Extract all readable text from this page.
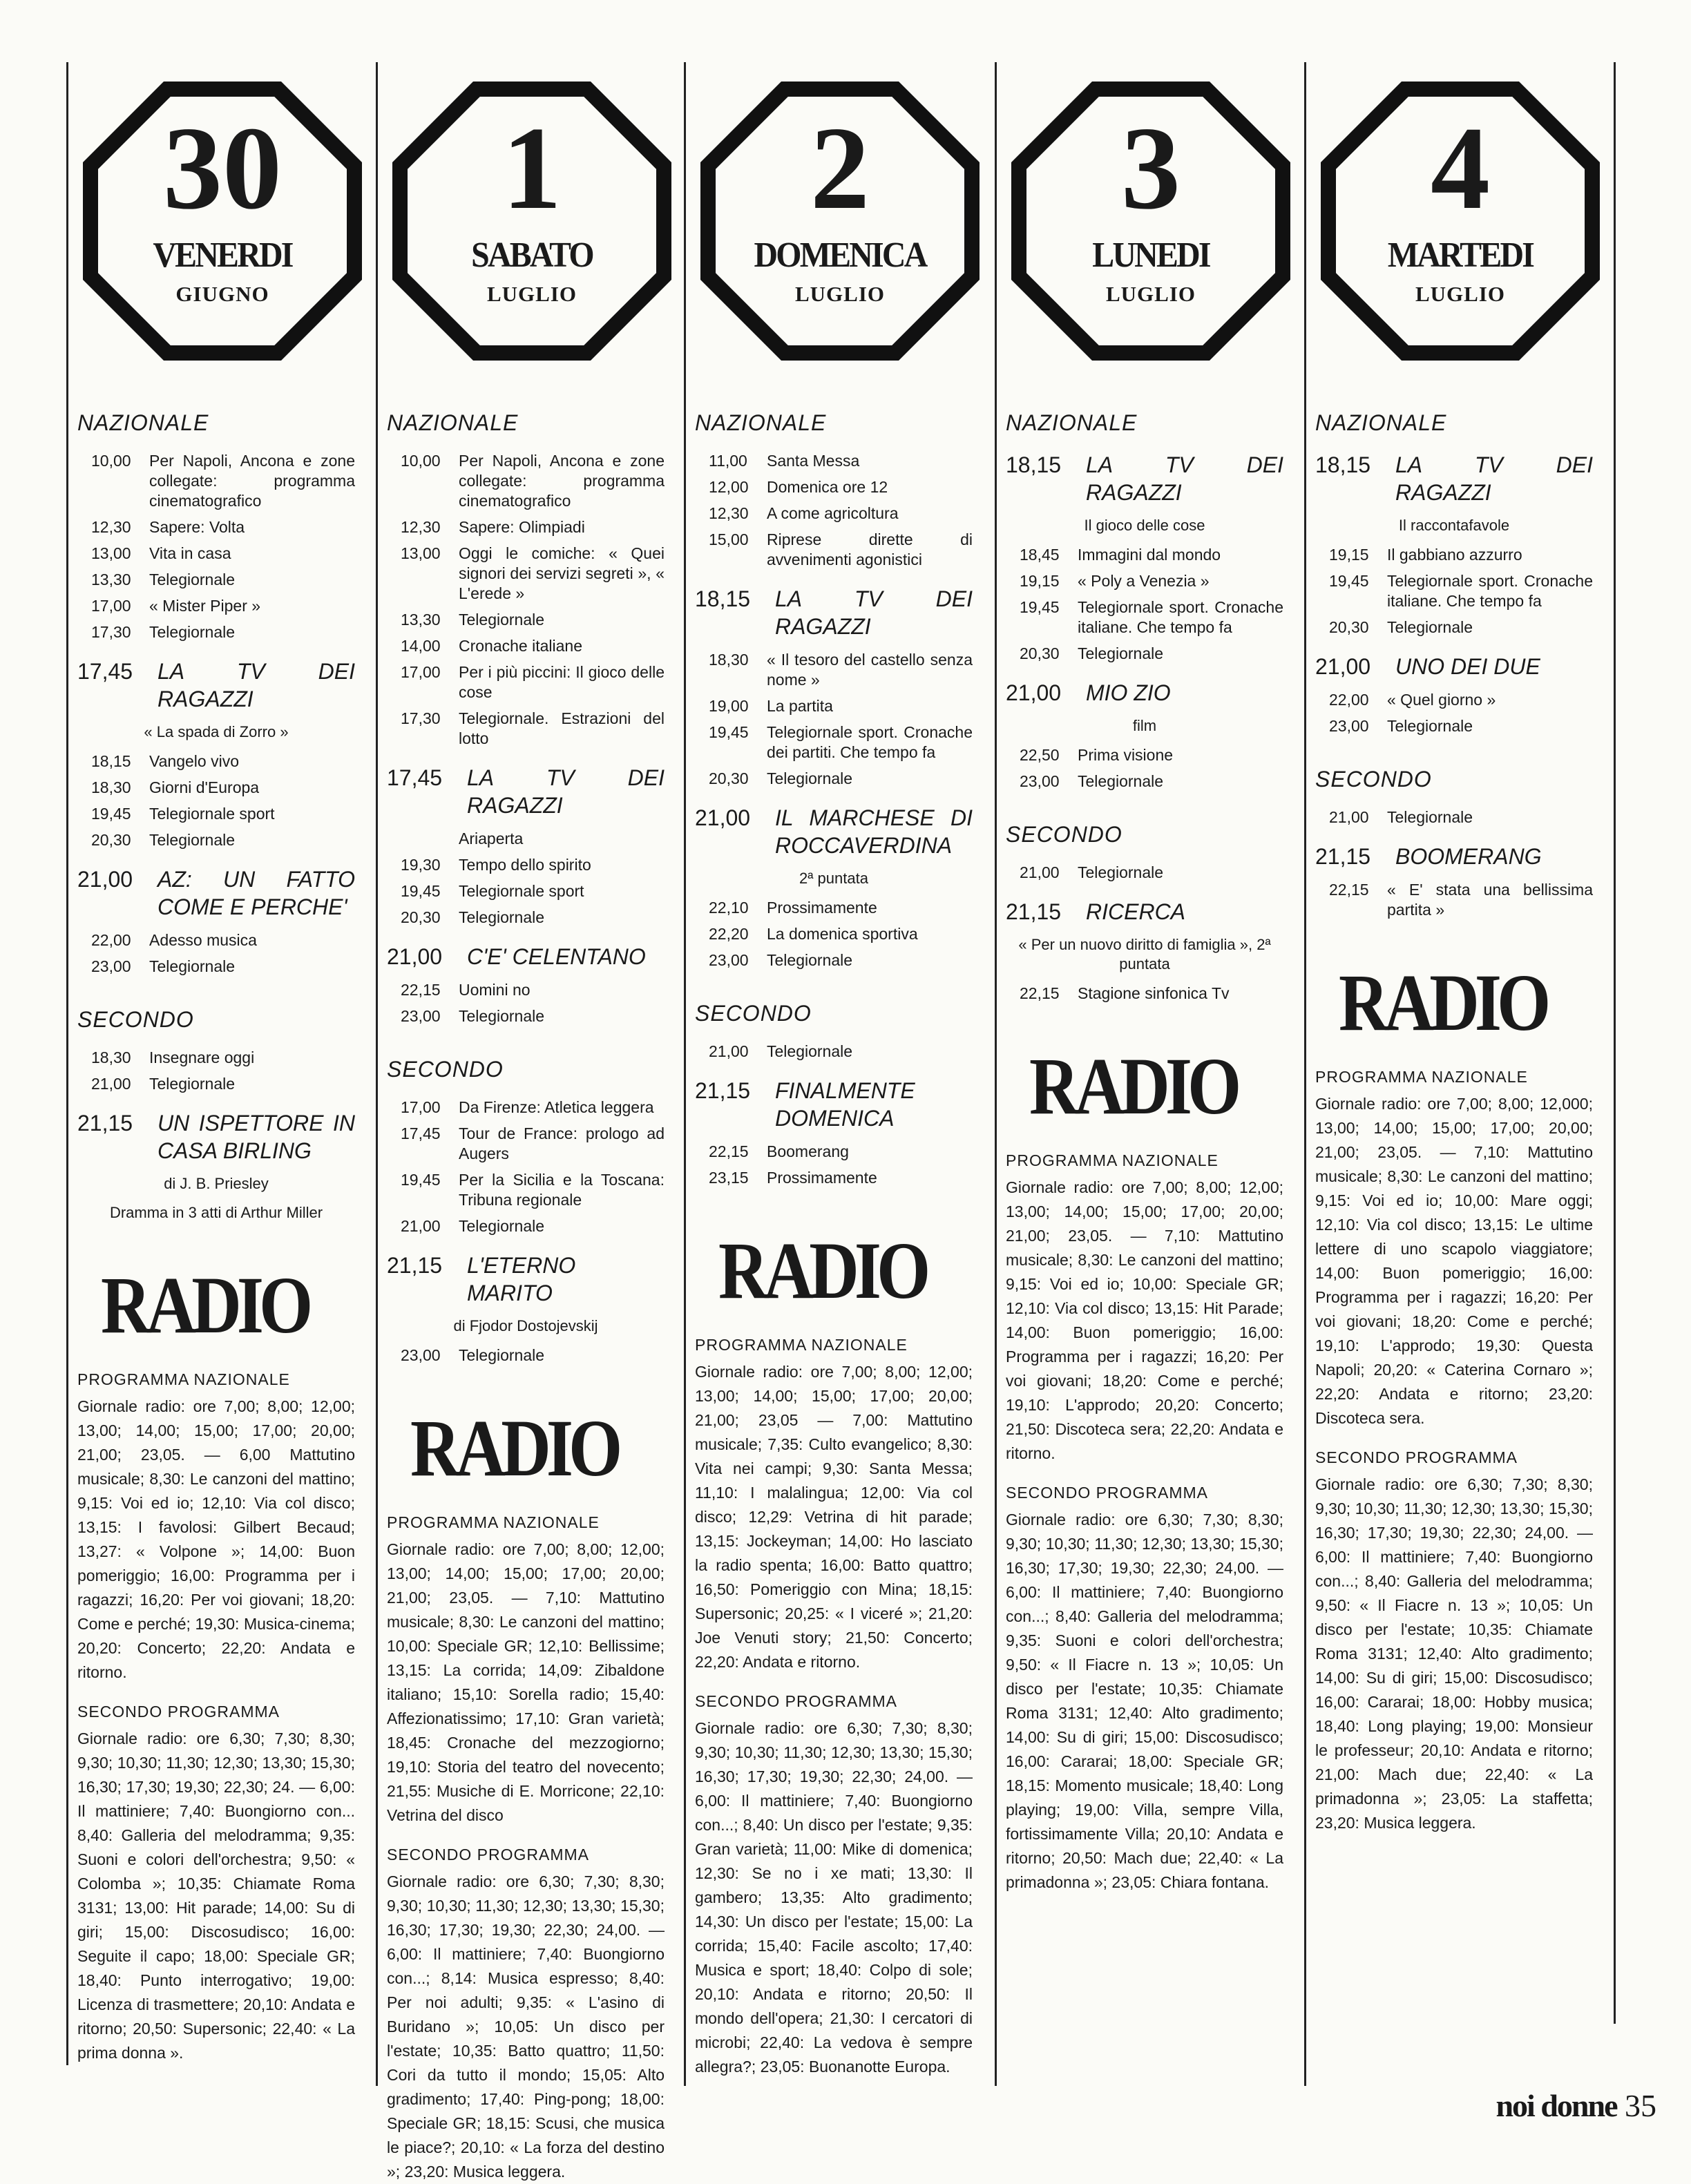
30
VENERDI
GIUGNO
NAZIONALE
10,00	Per Napoli, Ancona e zone collegate: programma cinematografico
12,30	Sapere: Volta
13,00	Vita in casa
13,30	Telegiornale
17,00	« Mister Piper »
17,30	Telegiornale
17,45	LA TV DEI RAGAZZI
« La spada di Zorro »
18,15	Vangelo vivo
18,30	Giorni d'Europa
19,45	Telegiornale sport
20,30	Telegiornale
21,00	AZ: UN FATTO COME E PERCHE'
22,00	Adesso musica
23,00	Telegiornale
SECONDO
18,30	Insegnare oggi
21,00	Telegiornale
21,15	UN ISPETTORE IN CASA BIRLING
di J. B. Priesley
Dramma in 3 atti di Arthur Miller
RADIO
PROGRAMMA NAZIONALE
Giornale radio: ore 7,00; 8,00; 12,00; 13,00; 14,00; 15,00; 17,00; 20,00; 21,00; 23,05. — 6,00 Mattutino musicale; 8,30: Le canzoni del mattino; 9,15: Voi ed io; 12,10: Via col disco; 13,15: I favolosi: Gilbert Becaud; 13,27: « Volpone »; 14,00: Buon pomeriggio; 16,00: Programma per i ragazzi; 16,20: Per voi giovani; 18,20: Come e perché; 19,30: Musica-cinema; 20,20: Concerto; 22,20: Andata e ritorno.
SECONDO PROGRAMMA
Giornale radio: ore 6,30; 7,30; 8,30; 9,30; 10,30; 11,30; 12,30; 13,30; 15,30; 16,30; 17,30; 19,30; 22,30; 24. — 6,00: Il mattiniere; 7,40: Buongiorno con... 8,40: Galleria del melodramma; 9,35: Suoni e colori dell'orchestra; 9,50: « Colomba »; 10,35: Chiamate Roma 3131; 13,00: Hit parade; 14,00: Su di giri; 15,00: Discosudisco; 16,00: Seguite il capo; 18,00: Speciale GR; 18,40: Punto interrogativo; 19,00: Licenza di trasmettere; 20,10: Andata e ritorno; 20,50: Supersonic; 22,40: « La prima donna ».
1
SABATO
LUGLIO
NAZIONALE
10,00	Per Napoli, Ancona e zone collegate: programma cinematografico
12,30	Sapere: Olimpiadi
13,00	Oggi le comiche: « Quei signori dei servizi segreti », « L'erede »
13,30	Telegiornale
14,00	Cronache italiane
17,00	Per i più piccini: Il gioco delle cose
17,30	Telegiornale. Estrazioni del lotto
17,45	LA TV DEI RAGAZZI
Ariaperta
19,30	Tempo dello spirito
19,45	Telegiornale sport
20,30	Telegiornale
21,00	C'E' CELENTANO
22,15	Uomini no
23,00	Telegiornale
SECONDO
17,00	Da Firenze: Atletica leggera
17,45	Tour de France: prologo ad Augers
19,45	Per la Sicilia e la Toscana: Tribuna regionale
21,00	Telegiornale
21,15	L'ETERNO MARITO
di Fjodor Dostojevskij
23,00	Telegiornale
RADIO
PROGRAMMA NAZIONALE
Giornale radio: ore 7,00; 8,00; 12,00; 13,00; 14,00; 15,00; 17,00; 20,00; 21,00; 23,05. — 7,10: Mattutino musicale; 8,30: Le canzoni del mattino; 10,00: Speciale GR; 12,10: Bellissime; 13,15: La corrida; 14,09: Zibaldone italiano; 15,10: Sorella radio; 15,40: Affezionatissimo; 17,10: Gran varietà; 18,45: Cronache del mezzogiorno; 19,10: Storia del teatro del novecento; 21,55: Musiche di E. Morricone; 22,10: Vetrina del disco
SECONDO PROGRAMMA
Giornale radio: ore 6,30; 7,30; 8,30; 9,30; 10,30; 11,30; 12,30; 13,30; 15,30; 16,30; 17,30; 19,30; 22,30; 24,00. — 6,00: Il mattiniere; 7,40: Buongiorno con...; 8,14: Musica espresso; 8,40: Per noi adulti; 9,35: « L'asino di Buridano »; 10,05: Un disco per l'estate; 10,35: Batto quattro; 11,50: Cori da tutto il mondo; 15,05: Alto gradimento; 17,40: Ping-pong; 18,00: Speciale GR; 18,15: Scusi, che musica le piace?; 20,10: « La forza del destino »; 23,20: Musica leggera.
2
DOMENICA
LUGLIO
NAZIONALE
11,00	Santa Messa
12,00	Domenica ore 12
12,30	A come agricoltura
15,00	Riprese dirette di avvenimenti agonistici
18,15	LA TV DEI RAGAZZI
18,30	« Il tesoro del castello senza nome »
19,00	La partita
19,45	Telegiornale sport. Cronache dei partiti. Che tempo fa
20,30	Telegiornale
21,00	IL MARCHESE DI ROCCAVERDINA
2ª puntata
22,10	Prossimamente
22,20	La domenica sportiva
23,00	Telegiornale
SECONDO
21,00	Telegiornale
21,15	FINALMENTE DOMENICA
22,15	Boomerang
23,15	Prossimamente
RADIO
PROGRAMMA NAZIONALE
Giornale radio: ore 7,00; 8,00; 12,00; 13,00; 14,00; 15,00; 17,00; 20,00; 21,00; 23,05 — 7,00: Mattutino musicale; 7,35: Culto evangelico; 8,30: Vita nei campi; 9,30: Santa Messa; 11,10: I malalingua; 12,00: Via col disco; 12,29: Vetrina di hit parade; 13,15: Jockeyman; 14,00: Ho lasciato la radio spenta; 16,00: Batto quattro; 16,50: Pomeriggio con Mina; 18,15: Supersonic; 20,25: « I viceré »; 21,20: Joe Venuti story; 21,50: Concerto; 22,20: Andata e ritorno.
SECONDO PROGRAMMA
Giornale radio: ore 6,30; 7,30; 8,30; 9,30; 10,30; 11,30; 12,30; 13,30; 15,30; 16,30; 17,30; 19,30; 22,30; 24,00. — 6,00: Il mattiniere; 7,40: Buongiorno con...; 8,40: Un disco per l'estate; 9,35: Gran varietà; 11,00: Mike di domenica; 12,30: Se no i xe mati; 13,30: Il gambero; 13,35: Alto gradimento; 14,30: Un disco per l'estate; 15,00: La corrida; 15,40: Facile ascolto; 17,40: Musica e sport; 18,40: Colpo di sole; 20,10: Andata e ritorno; 20,50: Il mondo dell'opera; 21,30: I cercatori di microbi; 22,40: La vedova è sempre allegra?; 23,05: Buonanotte Europa.
3
LUNEDI
LUGLIO
NAZIONALE
18,15	LA TV DEI RAGAZZI
Il gioco delle cose
18,45	Immagini dal mondo
19,15	« Poly a Venezia »
19,45	Telegiornale sport. Cronache italiane. Che tempo fa
20,30	Telegiornale
21,00	MIO ZIO
film
22,50	Prima visione
23,00	Telegiornale
SECONDO
21,00	Telegiornale
21,15	RICERCA
« Per un nuovo diritto di famiglia », 2ª puntata
22,15	Stagione sinfonica Tv
RADIO
PROGRAMMA NAZIONALE
Giornale radio: ore 7,00; 8,00; 12,00; 13,00; 14,00; 15,00; 17,00; 20,00; 21,00; 23,05. — 7,10: Mattutino musicale; 8,30: Le canzoni del mattino; 9,15: Voi ed io; 10,00: Speciale GR; 12,10: Via col disco; 13,15: Hit Parade; 14,00: Buon pomeriggio; 16,00: Programma per i ragazzi; 16,20: Per voi giovani; 18,20: Come e perché; 19,10: L'approdo; 20,20: Concerto; 21,50: Discoteca sera; 22,20: Andata e ritorno.
SECONDO PROGRAMMA
Giornale radio: ore 6,30; 7,30; 8,30; 9,30; 10,30; 11,30; 12,30; 13,30; 15,30; 16,30; 17,30; 19,30; 22,30; 24,00. — 6,00: Il mattiniere; 7,40: Buongiorno con...; 8,40: Galleria del melodramma; 9,35: Suoni e colori dell'orchestra; 9,50: « Il Fiacre n. 13 »; 10,05: Un disco per l'estate; 10,35: Chiamate Roma 3131; 12,40: Alto gradimento; 14,00: Su di giri; 15,00: Discosudisco; 16,00: Cararai; 18,00: Speciale GR; 18,15: Momento musicale; 18,40: Long playing; 19,00: Villa, sempre Villa, fortissimamente Villa; 20,10: Andata e ritorno; 20,50: Mach due; 22,40: « La primadonna »; 23,05: Chiara fontana.
4
MARTEDI
LUGLIO
NAZIONALE
18,15	LA TV DEI RAGAZZI
Il raccontafavole
19,15	Il gabbiano azzurro
19,45	Telegiornale sport. Cronache italiane. Che tempo fa
20,30	Telegiornale
21,00	UNO DEI DUE
22,00	« Quel giorno »
23,00	Telegiornale
SECONDO
21,00	Telegiornale
21,15	BOOMERANG
22,15	« E' stata una bellissima partita »
RADIO
PROGRAMMA NAZIONALE
Giornale radio: ore 7,00; 8,00; 12,000; 13,00; 14,00; 15,00; 17,00; 20,00; 21,00; 23,05. — 7,10: Mattutino musicale; 8,30: Le canzoni del mattino; 9,15: Voi ed io; 10,00: Mare oggi; 12,10: Via col disco; 13,15: Le ultime lettere di uno scapolo viaggiatore; 14,00: Buon pomeriggio; 16,00: Programma per i ragazzi; 16,20: Per voi giovani; 18,20: Come e perché; 19,10: L'approdo; 19,30: Questa Napoli; 20,20: « Caterina Cornaro »; 22,20: Andata e ritorno; 23,20: Discoteca sera.
SECONDO PROGRAMMA
Giornale radio: ore 6,30; 7,30; 8,30; 9,30; 10,30; 11,30; 12,30; 13,30; 15,30; 16,30; 17,30; 19,30; 22,30; 24,00. — 6,00: Il mattiniere; 7,40: Buongiorno con...; 8,40: Galleria del melodramma; 9,50: « Il Fiacre n. 13 »; 10,05: Un disco per l'estate; 10,35: Chiamate Roma 3131; 12,40: Alto gradimento; 14,00: Su di giri; 15,00: Discosudisco; 16,00: Cararai; 18,00: Hobby musica; 18,40: Long playing; 19,00: Monsieur le professeur; 20,10: Andata e ritorno; 21,00: Mach due; 22,40: « La primadonna »; 23,05: La staffetta; 23,20: Musica leggera.
noi donne 35
